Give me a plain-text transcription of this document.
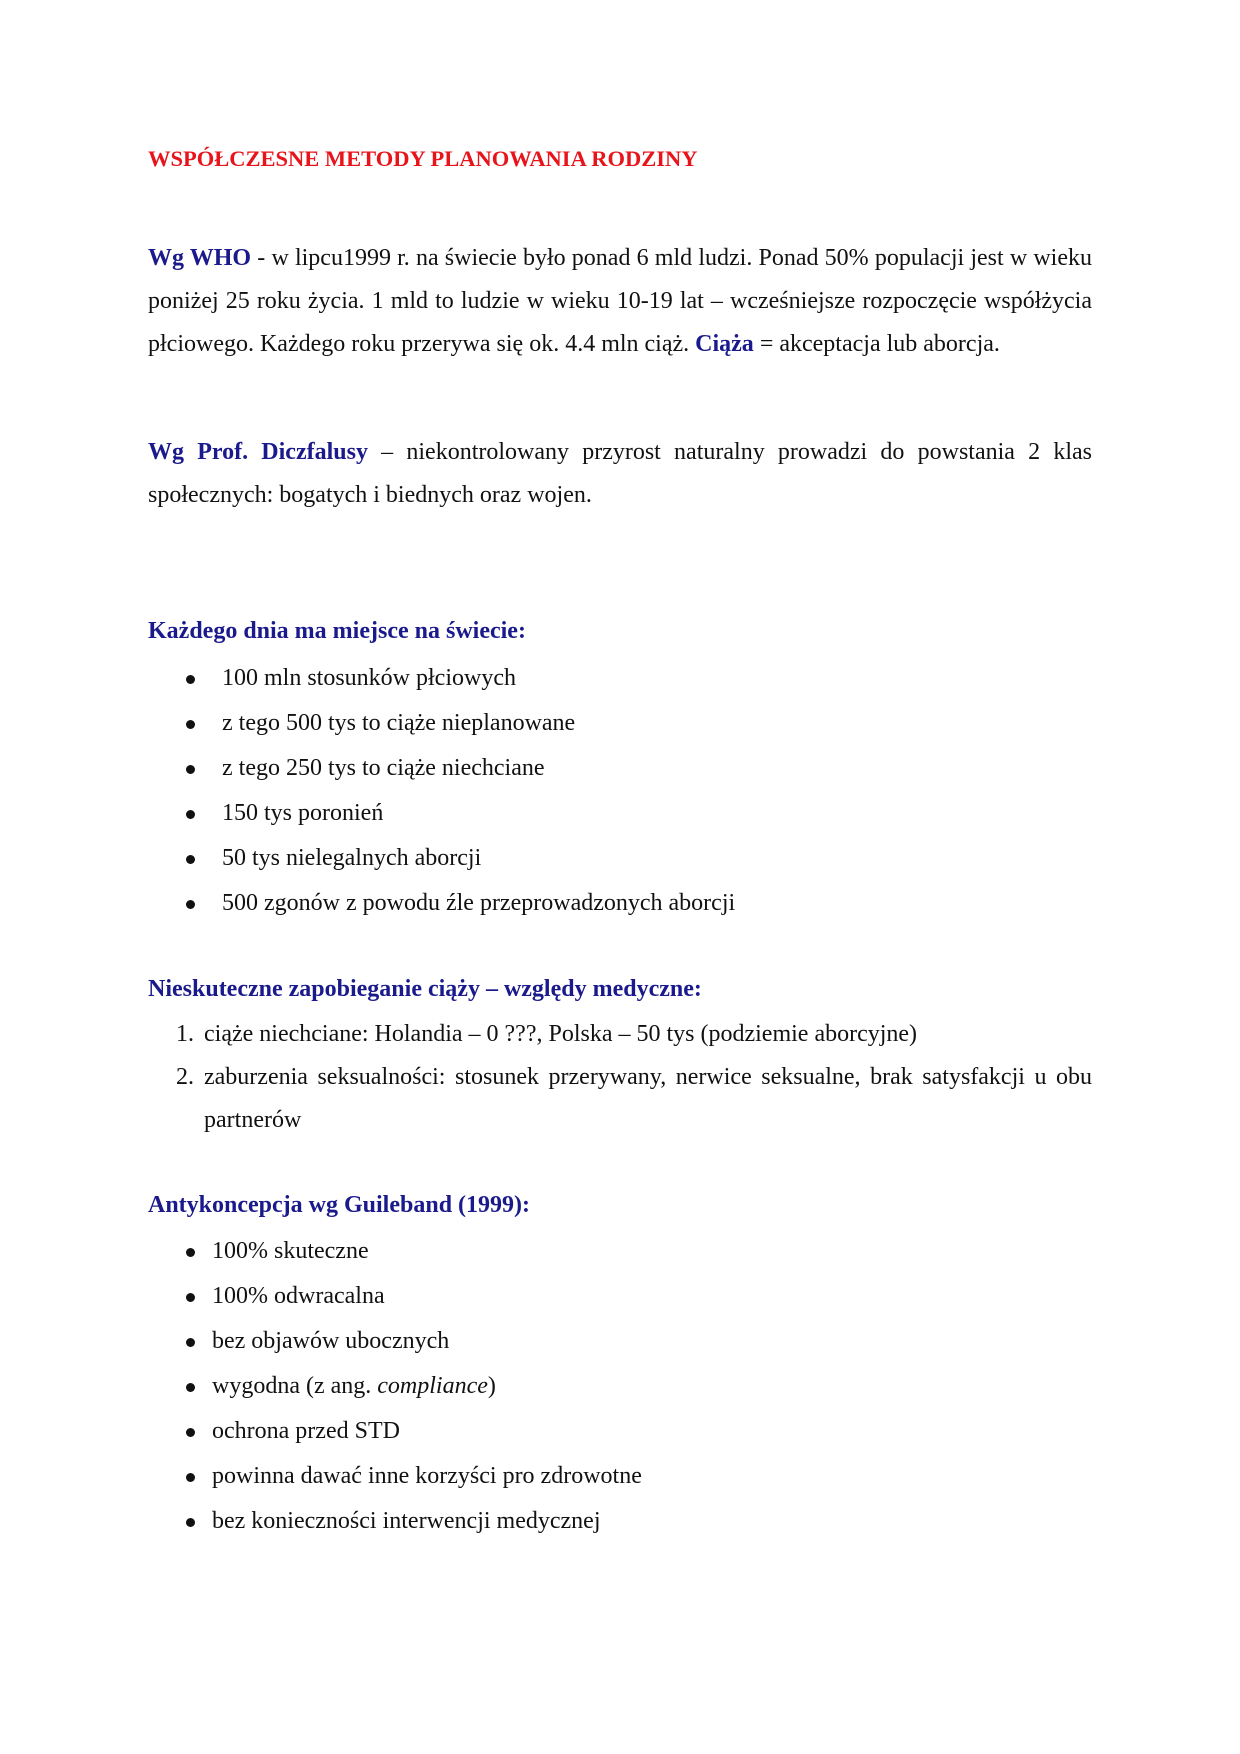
WSPÓŁCZESNE METODY PLANOWANIA RODZINY

Wg WHO - w lipcu1999 r. na świecie było ponad 6 mld ludzi. Ponad 50% populacji jest w wieku poniżej 25 roku życia. 1 mld to ludzie w wieku 10-19 lat – wcześniejsze rozpoczęcie współżycia płciowego. Każdego roku przerywa się ok. 4.4 mln ciąż. Ciąża = akceptacja lub aborcja.

Wg Prof. Diczfalusy – niekontrolowany przyrost naturalny prowadzi do powstania 2 klas społecznych: bogatych i biednych oraz wojen.

Każdego dnia ma miejsce na świecie:
100 mln stosunków płciowych
z tego 500 tys to ciąże nieplanowane
z tego 250 tys to ciąże niechciane
150 tys poronień
50 tys nielegalnych aborcji
500 zgonów z powodu źle przeprowadzonych aborcji
Nieskuteczne zapobieganie ciąży – względy medyczne:
1. ciąże niechciane: Holandia – 0 ???, Polska – 50 tys (podziemie aborcyjne)
2. zaburzenia seksualności: stosunek przerywany, nerwice seksualne, brak satysfakcji u obu partnerów
Antykoncepcja wg Guileband (1999):
100% skuteczne
100% odwracalna
bez objawów ubocznych
wygodna (z ang. compliance)
ochrona przed STD
powinna dawać inne korzyści pro zdrowotne
bez konieczności interwencji medycznej
